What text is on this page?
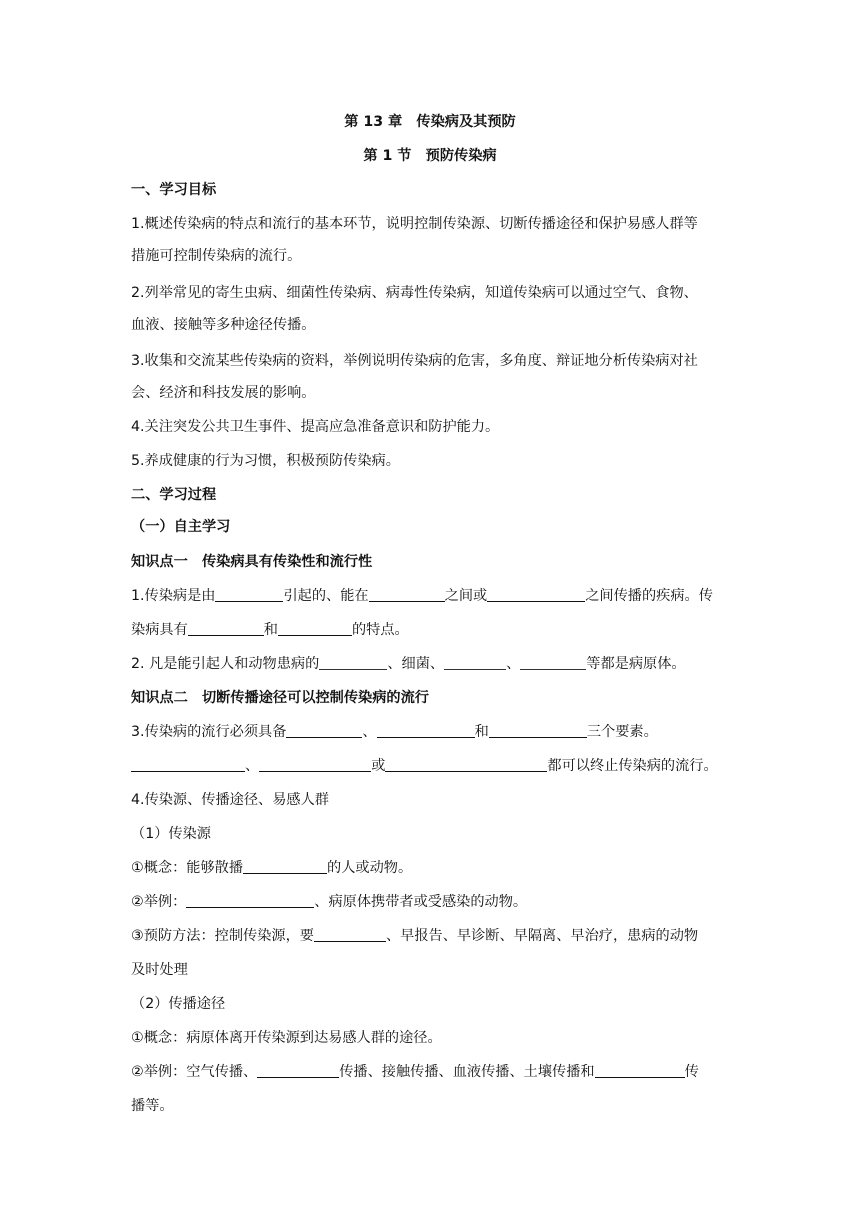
第 13 章　传染病及其预防
第 1 节　预防传染病
一、学习目标
1.概述传染病的特点和流行的基本环节，说明控制传染源、切断传播途径和保护易感人群等
措施可控制传染病的流行。
2.列举常见的寄生虫病、细菌性传染病、病毒性传染病，知道传染病可以通过空气、食物、
血液、接触等多种途径传播。
3.收集和交流某些传染病的资料，举例说明传染病的危害，多角度、辩证地分析传染病对社
会、经济和科技发展的影响。
4.关注突发公共卫生事件、提高应急准备意识和防护能力。
5.养成健康的行为习惯，积极预防传染病。
二、学习过程
（一）自主学习
知识点一　传染病具有传染性和流行性
1.传染病是由	引起的、能在	之间或	之间传播的疾病。传
染病具有	和	的特点。
2. 凡是能引起人和动物患病的	、细菌、	、	等都是病原体。
知识点二　切断传播途径可以控制传染病的流行
3.传染病的流行必须具备	、	和	三个要素。
、	或	都可以终止传染病的流行。
4.传染源、传播途径、易感人群
（1）传染源
①概念：能够散播	的人或动物。
②举例：	、病原体携带者或受感染的动物。
③预防方法：控制传染源，要	、早报告、早诊断、早隔离、早治疗，患病的动物
及时处理
（2）传播途径
①概念：病原体离开传染源到达易感人群的途径。
②举例：空气传播、	传播、接触传播、血液传播、土壤传播和	传
播等。
